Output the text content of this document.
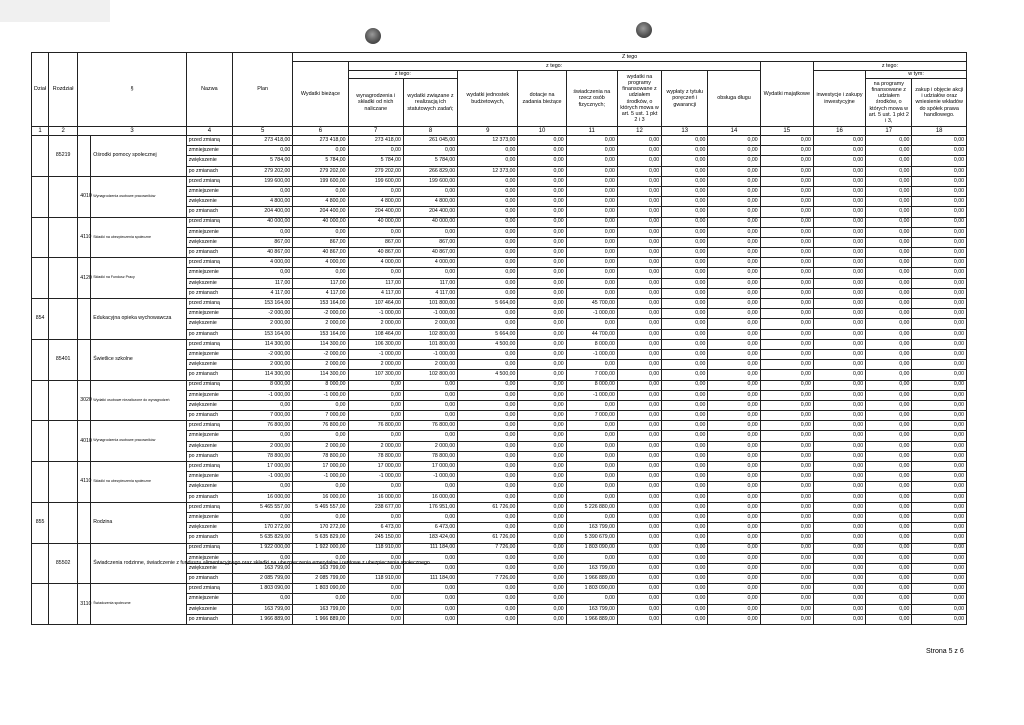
Dział	Rozdział	§		Nazwa	Plan	Z tego												
						Wydatki bieżące	z tego:								Wydatki majątkowe	z tego:		
							z tego:		wydatki jednostek budżetowych,	dotacje na zadania bieżące	świadczenia na rzecz osób fizycznych;	wydatki na programy finansowane z udziałem środków, o których mowa w art. 5 ust. 1 pkt 2 i 3	wypłaty z tytułu poręczeń i gwarancji	obsługa długu		inwestycje i zakupy inwestycyjne	w tym:	
							wynagrodzenia i składki od nich naliczane	wydatki związane z realizacją ich statutowych zadań;									na programy finansowane z udziałem środków, o których mowa w art. 5 ust. 1 pkt 2 i 3,	zakup i objęcie akcji i udziałów oraz wniesienie wkładów do spółek prawa handlowego.

1	2	3		4	5	6	7	8	9	10	11	12	13	14	15	16	17	18
	85219		Ośrodki pomocy społecznej	przed zmianą	273 418,00	273 418,00	273 418,00	261 045,00	12 373,00	0,00	0,00	0,00	0,00	0,00	0,00	0,00	0,00	0,00
				zmniejszenie	0,00	0,00	0,00	0,00	0,00	0,00	0,00	0,00	0,00	0,00	0,00	0,00	0,00	0,00
				zwiększenie	5 784,00	5 784,00	5 784,00	5 784,00	0,00	0,00	0,00	0,00	0,00	0,00	0,00	0,00	0,00	0,00
				po zmianach	279 202,00	279 202,00	279 202,00	266 829,00	12 373,00	0,00	0,00	0,00	0,00	0,00	0,00	0,00	0,00	0,00
		4010	Wynagrodzenia osobowe pracowników	przed zmianą	199 600,00	199 600,00	199 600,00	199 600,00	0,00	0,00	0,00	0,00	0,00	0,00	0,00	0,00	0,00	0,00
				zmniejszenie	0,00	0,00	0,00	0,00	0,00	0,00	0,00	0,00	0,00	0,00	0,00	0,00	0,00	0,00
				zwiększenie	4 800,00	4 800,00	4 800,00	4 800,00	0,00	0,00	0,00	0,00	0,00	0,00	0,00	0,00	0,00	0,00
				po zmianach	204 400,00	204 400,00	204 400,00	204 400,00	0,00	0,00	0,00	0,00	0,00	0,00	0,00	0,00	0,00	0,00
		4110	Składki na ubezpieczenia społeczne	przed zmianą	40 000,00	40 000,00	40 000,00	40 000,00	0,00	0,00	0,00	0,00	0,00	0,00	0,00	0,00	0,00	0,00
				zmniejszenie	0,00	0,00	0,00	0,00	0,00	0,00	0,00	0,00	0,00	0,00	0,00	0,00	0,00	0,00
				zwiększenie	867,00	867,00	867,00	867,00	0,00	0,00	0,00	0,00	0,00	0,00	0,00	0,00	0,00	0,00
				po zmianach	40 867,00	40 867,00	40 867,00	40 867,00	0,00	0,00	0,00	0,00	0,00	0,00	0,00	0,00	0,00	0,00
		4120	Składki na Fundusz Pracy	przed zmianą	4 000,00	4 000,00	4 000,00	4 000,00	0,00	0,00	0,00	0,00	0,00	0,00	0,00	0,00	0,00	0,00
				zmniejszenie	0,00	0,00	0,00	0,00	0,00	0,00	0,00	0,00	0,00	0,00	0,00	0,00	0,00	0,00
				zwiększenie	117,00	117,00	117,00	117,00	0,00	0,00	0,00	0,00	0,00	0,00	0,00	0,00	0,00	0,00
				po zmianach	4 117,00	4 117,00	4 117,00	4 117,00	0,00	0,00	0,00	0,00	0,00	0,00	0,00	0,00	0,00	0,00
854			Edukacyjna opieka wychowawcza	przed zmianą	153 164,00	153 164,00	107 464,00	101 800,00	5 664,00	0,00	45 700,00	0,00	0,00	0,00	0,00	0,00	0,00	0,00
				zmniejszenie	-2 000,00	-2 000,00	-1 000,00	-1 000,00	0,00	0,00	-1 000,00	0,00	0,00	0,00	0,00	0,00	0,00	0,00
				zwiększenie	2 000,00	2 000,00	2 000,00	2 000,00	0,00	0,00	0,00	0,00	0,00	0,00	0,00	0,00	0,00	0,00
				po zmianach	153 164,00	153 164,00	108 464,00	102 800,00	5 664,00	0,00	44 700,00	0,00	0,00	0,00	0,00	0,00	0,00	0,00
	85401		Świetlice szkolne	przed zmianą	114 300,00	114 300,00	106 300,00	101 800,00	4 500,00	0,00	8 000,00	0,00	0,00	0,00	0,00	0,00	0,00	0,00
				zmniejszenie	-2 000,00	-2 000,00	-1 000,00	-1 000,00	0,00	0,00	-1 000,00	0,00	0,00	0,00	0,00	0,00	0,00	0,00
				zwiększenie	2 000,00	2 000,00	2 000,00	2 000,00	0,00	0,00	0,00	0,00	0,00	0,00	0,00	0,00	0,00	0,00
				po zmianach	114 300,00	114 300,00	107 300,00	102 800,00	4 500,00	0,00	7 000,00	0,00	0,00	0,00	0,00	0,00	0,00	0,00
		3020	Wydatki osobowe niezaliczone do wynagrodzeń	przed zmianą	8 000,00	8 000,00	0,00	0,00	0,00	0,00	8 000,00	0,00	0,00	0,00	0,00	0,00	0,00	0,00
				zmniejszenie	-1 000,00	-1 000,00	0,00	0,00	0,00	0,00	-1 000,00	0,00	0,00	0,00	0,00	0,00	0,00	0,00
				zwiększenie	0,00	0,00	0,00	0,00	0,00	0,00	0,00	0,00	0,00	0,00	0,00	0,00	0,00	0,00
				po zmianach	7 000,00	7 000,00	0,00	0,00	0,00	0,00	7 000,00	0,00	0,00	0,00	0,00	0,00	0,00	0,00
		4010	Wynagrodzenia osobowe pracowników	przed zmianą	76 800,00	76 800,00	76 800,00	76 800,00	0,00	0,00	0,00	0,00	0,00	0,00	0,00	0,00	0,00	0,00
				zmniejszenie	0,00	0,00	0,00	0,00	0,00	0,00	0,00	0,00	0,00	0,00	0,00	0,00	0,00	0,00
				zwiększenie	2 000,00	2 000,00	2 000,00	2 000,00	0,00	0,00	0,00	0,00	0,00	0,00	0,00	0,00	0,00	0,00
				po zmianach	78 800,00	78 800,00	78 800,00	78 800,00	0,00	0,00	0,00	0,00	0,00	0,00	0,00	0,00	0,00	0,00
		4110	Składki na ubezpieczenia społeczne	przed zmianą	17 000,00	17 000,00	17 000,00	17 000,00	0,00	0,00	0,00	0,00	0,00	0,00	0,00	0,00	0,00	0,00
				zmniejszenie	-1 000,00	-1 000,00	-1 000,00	-1 000,00	0,00	0,00	0,00	0,00	0,00	0,00	0,00	0,00	0,00	0,00
				zwiększenie	0,00	0,00	0,00	0,00	0,00	0,00	0,00	0,00	0,00	0,00	0,00	0,00	0,00	0,00
				po zmianach	16 000,00	16 000,00	16 000,00	16 000,00	0,00	0,00	0,00	0,00	0,00	0,00	0,00	0,00	0,00	0,00
855			Rodzina	przed zmianą	5 465 557,00	5 465 557,00	238 677,00	176 951,00	61 726,00	0,00	5 226 880,00	0,00	0,00	0,00	0,00	0,00	0,00	0,00
				zmniejszenie	0,00	0,00	0,00	0,00	0,00	0,00	0,00	0,00	0,00	0,00	0,00	0,00	0,00	0,00
				zwiększenie	170 272,00	170 272,00	6 473,00	6 473,00	0,00	0,00	163 799,00	0,00	0,00	0,00	0,00	0,00	0,00	0,00
				po zmianach	5 635 829,00	5 635 829,00	245 150,00	183 424,00	61 726,00	0,00	5 390 679,00	0,00	0,00	0,00	0,00	0,00	0,00	0,00
	85502		Świadczenia rodzinne, świadczenie z funduszu alimentacyjnego oraz składki na ubezpieczenia emerytalne i rentowe z ubezpieczenia społecznego	przed zmianą	1 922 000,00	1 922 000,00	118 910,00	111 184,00	7 726,00	0,00	1 803 090,00	0,00	0,00	0,00	0,00	0,00	0,00	0,00
				zmniejszenie	0,00	0,00	0,00	0,00	0,00	0,00	0,00	0,00	0,00	0,00	0,00	0,00	0,00	0,00
				zwiększenie	163 799,00	163 799,00	0,00	0,00	0,00	0,00	163 799,00	0,00	0,00	0,00	0,00	0,00	0,00	0,00
				po zmianach	2 085 799,00	2 085 799,00	118 910,00	111 184,00	7 726,00	0,00	1 966 889,00	0,00	0,00	0,00	0,00	0,00	0,00	0,00
		3110	Świadczenia społeczne	przed zmianą	1 803 090,00	1 803 090,00	0,00	0,00	0,00	0,00	1 803 090,00	0,00	0,00	0,00	0,00	0,00	0,00	0,00
				zmniejszenie	0,00	0,00	0,00	0,00	0,00	0,00	0,00	0,00	0,00	0,00	0,00	0,00	0,00	0,00
				zwiększenie	163 799,00	163 799,00	0,00	0,00	0,00	0,00	163 799,00	0,00	0,00	0,00	0,00	0,00	0,00	0,00
				po zmianach	1 966 889,00	1 966 889,00	0,00	0,00	0,00	0,00	1 966 889,00	0,00	0,00	0,00	0,00	0,00	0,00	0,00
Strona 5 z 6
